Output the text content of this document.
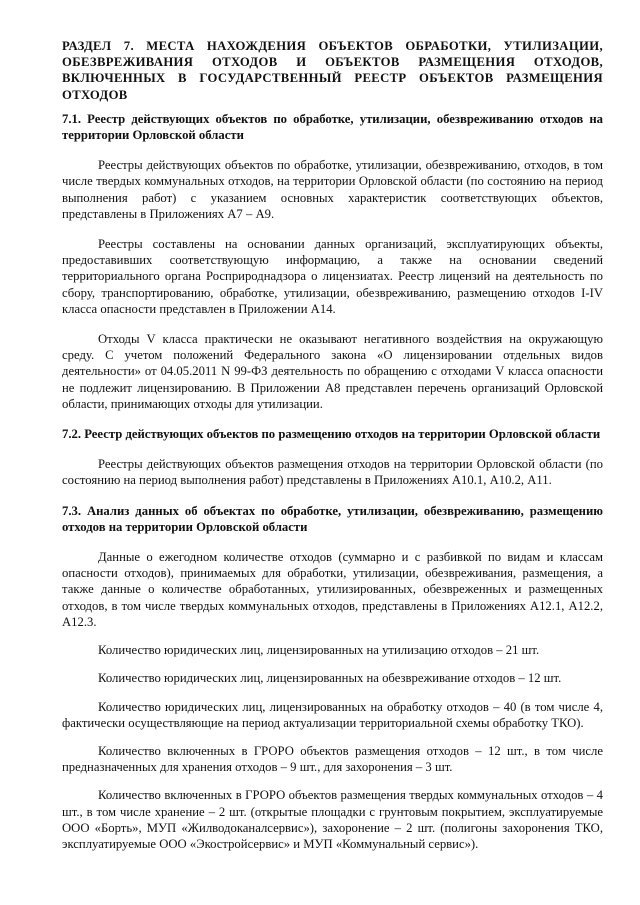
РАЗДЕЛ 7. МЕСТА НАХОЖДЕНИЯ ОБЪЕКТОВ ОБРАБОТКИ, УТИЛИЗАЦИИ, ОБЕЗВРЕЖИВАНИЯ ОТХОДОВ И ОБЪЕКТОВ РАЗМЕЩЕНИЯ ОТХОДОВ, ВКЛЮЧЕННЫХ В ГОСУДАРСТВЕННЫЙ РЕЕСТР ОБЪЕКТОВ РАЗМЕЩЕНИЯ ОТХОДОВ
7.1. Реестр действующих объектов по обработке, утилизации, обезвреживанию отходов на территории Орловской области

Реестры действующих объектов по обработке, утилизации, обезвреживанию, отходов, в том числе твердых коммунальных отходов, на территории Орловской области (по состоянию на период выполнения работ) с указанием основных характеристик соответствующих объектов, представлены в Приложениях А7 – А9.

Реестры составлены на основании данных организаций, эксплуатирующих объекты, предоставивших соответствующую информацию, а также на основании сведений территориального органа Росприроднадзора о лицензиатах. Реестр лицензий на деятельность по сбору, транспортированию, обработке, утилизации, обезвреживанию, размещению отходов I-IV класса опасности представлен в Приложении А14.

Отходы V класса практически не оказывают негативного воздействия на окружающую среду. С учетом положений Федерального закона «О лицензировании отдельных видов деятельности» от 04.05.2011 N 99-ФЗ деятельность по обращению с отходами V класса опасности не подлежит лицензированию. В Приложении А8 представлен перечень организаций Орловской области, принимающих отходы для утилизации.

7.2. Реестр действующих объектов по размещению отходов на территории Орловской области

Реестры действующих объектов размещения отходов на территории Орловской области (по состоянию на период выполнения работ) представлены в Приложениях А10.1, А10.2, А11.

7.3. Анализ данных об объектах по обработке, утилизации, обезвреживанию, размещению отходов на территории Орловской области

Данные о ежегодном количестве отходов (суммарно и с разбивкой по видам и классам опасности отходов), принимаемых для обработки, утилизации, обезвреживания, размещения, а также данные о количестве обработанных, утилизированных, обезвреженных и размещенных отходов, в том числе твердых коммунальных отходов, представлены в Приложениях А12.1, А12.2, А12.3.

Количество юридических лиц, лицензированных на утилизацию отходов – 21 шт.

Количество юридических лиц, лицензированных на обезвреживание отходов – 12 шт.

Количество юридических лиц, лицензированных на обработку отходов – 40 (в том числе 4, фактически осуществляющие на период актуализации территориальной схемы обработку ТКО).

Количество включенных в ГРОРО объектов размещения отходов – 12 шт., в том числе предназначенных для хранения отходов – 9 шт., для захоронения – 3 шт.

Количество включенных в ГРОРО объектов размещения твердых коммунальных отходов – 4 шт., в том числе хранение – 2 шт. (открытые площадки с грунтовым покрытием, эксплуатируемые ООО «Борть», МУП «Жилводоканалсервис»), захоронение – 2 шт. (полигоны захоронения ТКО, эксплуатируемые ООО «Экостройсервис» и МУП «Коммунальный сервис»).
